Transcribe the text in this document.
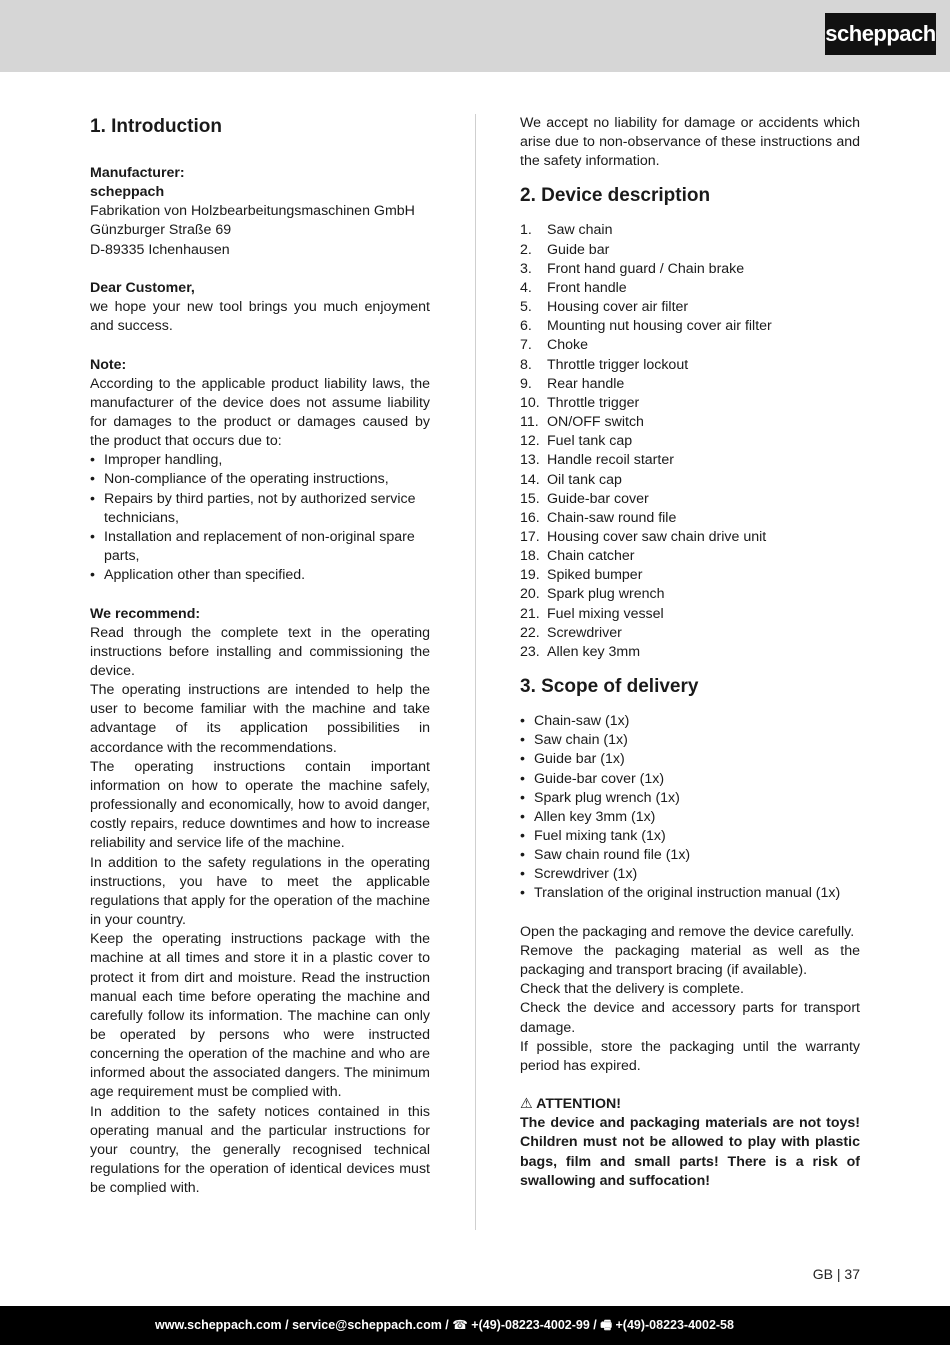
scheppach
1. Introduction

Manufacturer:

scheppach

Fabrikation von Holzbearbeitungsmaschinen GmbH

Günzburger Straße 69

D-89335 Ichenhausen

Dear Customer,

we hope your new tool brings you much enjoyment and success.

Note:

According to the applicable product liability laws, the manufacturer of the device does not assume liability for damages to the product or damages caused by the product that occurs due to:

• Improper handling,
• Non-compliance of the operating instructions,
• Repairs by third parties, not by authorized service technicians,
• Installation and replacement of non-original spare parts,
• Application other than specified.

We recommend:

Read through the complete text in the operating instructions before installing and commissioning the device.

The operating instructions are intended to help the user to become familiar with the machine and take advantage of its application possibilities in accordance with the recommendations.

The operating instructions contain important information on how to operate the machine safely, professionally and economically, how to avoid danger, costly repairs, reduce downtimes and how to increase reliability and service life of the machine.

In addition to the safety regulations in the operating instructions, you have to meet the applicable regulations that apply for the operation of the machine in your country.

Keep the operating instructions package with the machine at all times and store it in a plastic cover to protect it from dirt and moisture. Read the instruction manual each time before operating the machine and carefully follow its information. The machine can only be operated by persons who were instructed concerning the operation of the machine and who are informed about the associated dangers. The minimum age requirement must be complied with.

In addition to the safety notices contained in this operating manual and the particular instructions for your country, the generally recognised technical regulations for the operation of identical devices must be complied with.

We accept no liability for damage or accidents which arise due to non-observance of these instructions and the safety information.

2. Device description
1. Saw chain
2. Guide bar
3. Front hand guard / Chain brake
4. Front handle
5. Housing cover air filter
6. Mounting nut housing cover air filter
7. Choke
8. Throttle trigger lockout
9. Rear handle
10. Throttle trigger
11. ON/OFF switch
12. Fuel tank cap
13. Handle recoil starter
14. Oil tank cap
15. Guide-bar cover
16. Chain-saw round file
17. Housing cover saw chain drive unit
18. Chain catcher
19. Spiked bumper
20. Spark plug wrench
21. Fuel mixing vessel
22. Screwdriver
23. Allen key 3mm
3. Scope of delivery
• Chain-saw (1x)
• Saw chain (1x)
• Guide bar (1x)
• Guide-bar cover (1x)
• Spark plug wrench (1x)
• Allen key 3mm (1x)
• Fuel mixing tank (1x)
• Saw chain round file (1x)
• Screwdriver (1x)
• Translation of the original instruction manual (1x)

Open the packaging and remove the device carefully.

Remove the packaging material as well as the packaging and transport bracing (if available).

Check that the delivery is complete.

Check the device and accessory parts for transport damage.

If possible, store the packaging until the warranty period has expired.

⚠ ATTENTION!

The device and packaging materials are not toys! Children must not be allowed to play with plastic bags, film and small parts! There is a risk of swallowing and suffocation!

GB | 37
www.scheppach.com / service@scheppach.com / ☎ +(49)-08223-4002-99 / 🖷 +(49)-08223-4002-58
